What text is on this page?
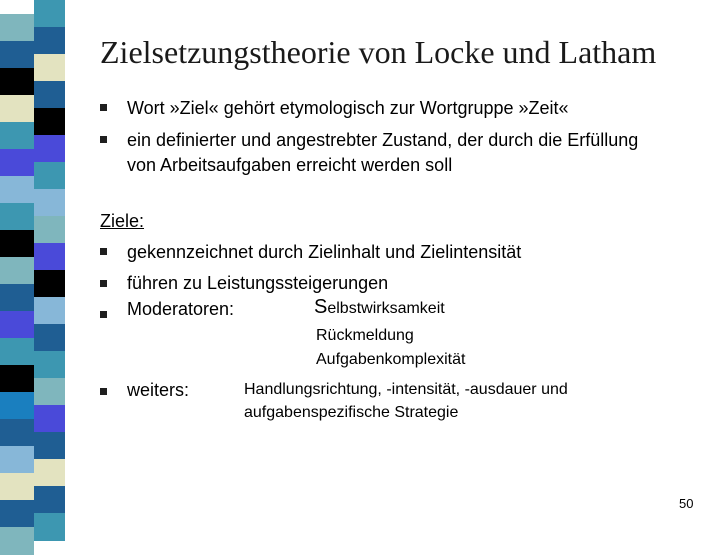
Zielsetzungstheorie von Locke und Latham
Wort »Ziel« gehört etymologisch zur Wortgruppe »Zeit«
ein definierter und angestrebter Zustand, der durch die Erfüllung
von Arbeitsaufgaben erreicht werden soll
Ziele:
gekennzeichnet durch Zielinhalt und Zielintensität
führen zu Leistungssteigerungen
Moderatoren:	Selbstwirksamkeit
Rückmeldung
Aufgabenkomplexität
weiters:	Handlungsrichtung, -intensität, -ausdauer und
aufgabenspezifische Strategie
50
